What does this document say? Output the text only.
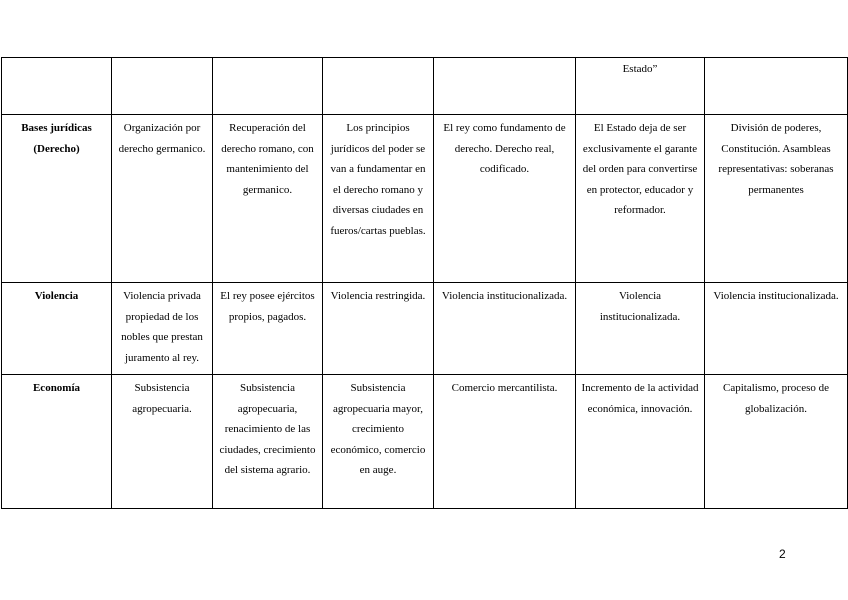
					Estado”	
Bases jurídicas (Derecho)	Organización por derecho germanico.	Recuperación del derecho romano, con mantenimiento del germanico.	Los principios jurídicos del poder se van a fundamentar en el derecho romano y diversas ciudades en fueros/cartas pueblas.	El rey como fundamento de derecho. Derecho real, codificado.	El Estado deja de ser exclusivamente el garante del orden para convertirse en protector, educador y reformador.	División de poderes, Constitución. Asambleas representativas: soberanas permanentes
Violencia	Violencia privada propiedad de los nobles que prestan juramento al rey.	El rey posee ejércitos propios, pagados.	Violencia restringida.	Violencia institucionalizada.	Violencia institucionalizada.	Violencia institucionalizada.
Economía	Subsistencia agropecuaria.	Subsistencia agropecuaria, renacimiento de las ciudades, crecimiento del sistema agrario.	Subsistencia agropecuaria mayor, crecimiento económico, comercio en auge.	Comercio mercantilista.	Incremento de la actividad económica, innovación.	Capitalismo, proceso de globalización.
2
